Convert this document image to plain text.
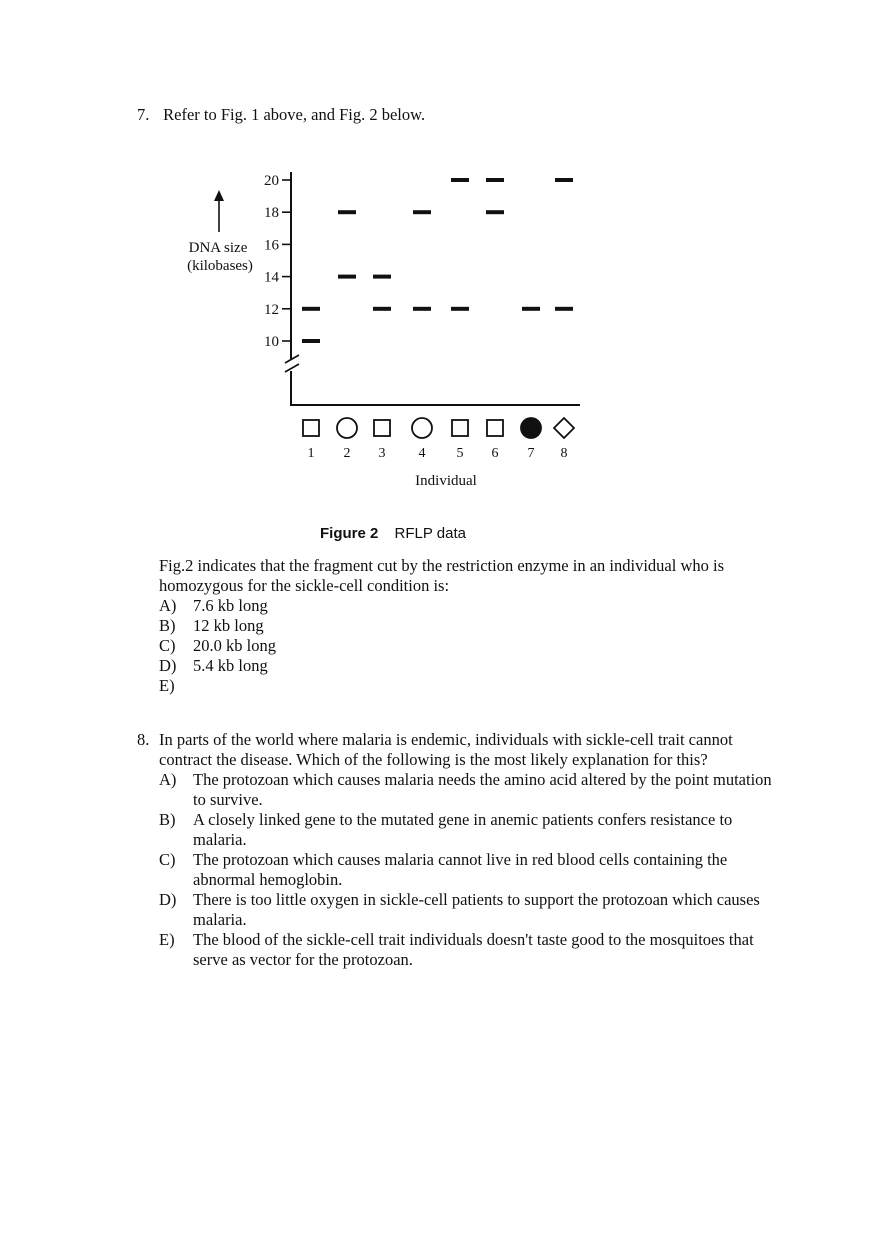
7. Refer to Fig. 1 above, and Fig. 2 below.
DNA size
(kilobases)
Individual
10
12
14
16
18
20
1 2 3 4 5 6 7 8
Figure 2 RFLP data
Fig.2 indicates that the fragment cut by the restriction enzyme in an individual who is homozygous for the sickle-cell condition is:
A)	7.6 kb long
B)	12 kb long
C)	20.0 kb long
D)	5.4 kb long
E)
8. In parts of the world where malaria is endemic, individuals with sickle-cell trait cannot contract the disease. Which of the following is the most likely explanation for this?
A)	The protozoan which causes malaria needs the amino acid altered by the point mutation to survive.
B)	A closely linked gene to the mutated gene in anemic patients confers resistance to malaria.
C)	The protozoan which causes malaria cannot live in red blood cells containing the abnormal hemoglobin.
D)	There is too little oxygen in sickle-cell patients to support the protozoan which causes malaria.
E)	The blood of the sickle-cell trait individuals doesn't taste good to the mosquitoes that serve as vector for the protozoan.
